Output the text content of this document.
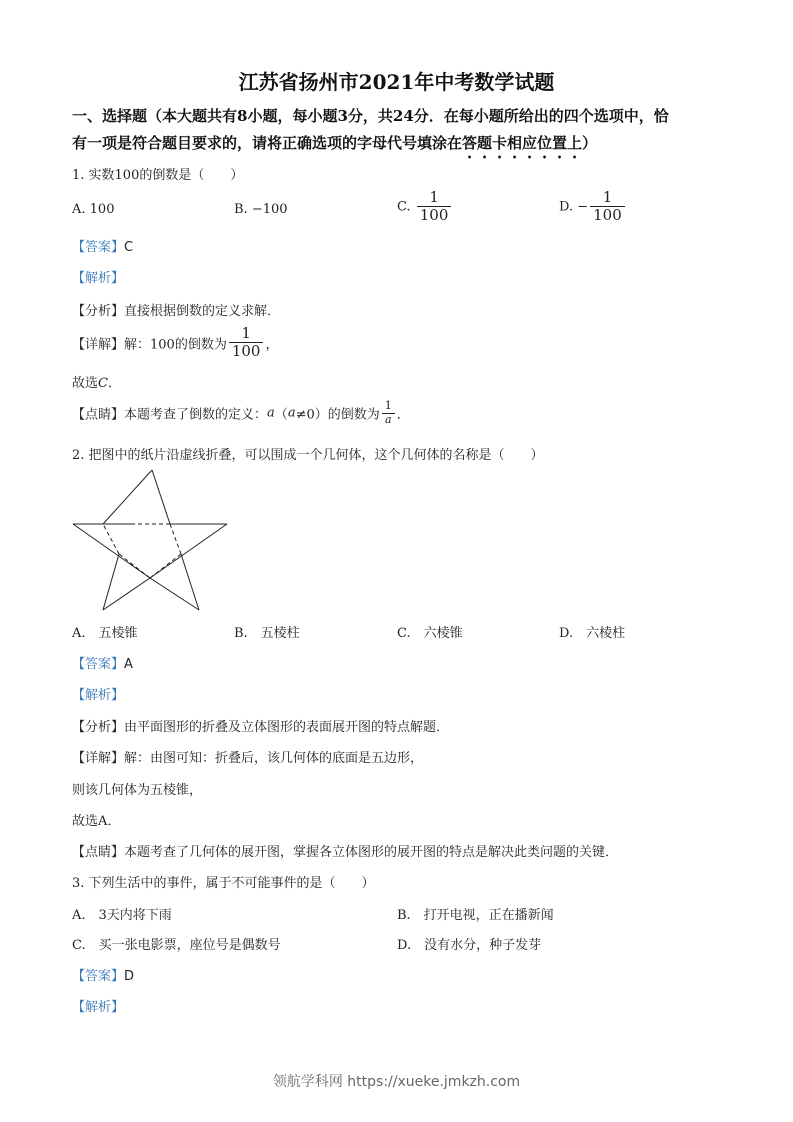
江苏省扬州市2021年中考数学试题
一、选择题（本大题共有8小题，每小题3分，共24分．在每小题所给出的四个选项中，恰
有一项是符合题目要求的，请将正确选项的字母代号填涂在答题卡相应位置上）
1. 实数100的倒数是（　　）
A. 100	B. −100	C. $\frac{1}{100}$	D. − $\frac{1}{100}$
【答案】C
【解析】
【分析】直接根据倒数的定义求解．
【详解】解：100的倒数为 $\frac{1}{100}$ ，
故选C．
【点睛】本题考查了倒数的定义：a（a≠0）的倒数为 $\frac{1}{a}$ ．
2. 把图中的纸片沿虚线折叠，可以围成一个几何体，这个几何体的名称是（　　）
A.　五棱锥	B.　五棱柱	C.　六棱锥	D.　六棱柱
【答案】A
【解析】
【分析】由平面图形的折叠及立体图形的表面展开图的特点解题．
【详解】解：由图可知：折叠后，该几何体的底面是五边形，
则该几何体为五棱锥，
故选A．
【点睛】本题考查了几何体的展开图，掌握各立体图形的展开图的特点是解决此类问题的关键．
3. 下列生活中的事件，属于不可能事件的是（　　）
A.　3天内将下雨	B.　打开电视，正在播新闻
C.　买一张电影票，座位号是偶数号	D.　没有水分，种子发芽
【答案】D
【解析】
领航学科网 https://xueke.jmkzh.com
